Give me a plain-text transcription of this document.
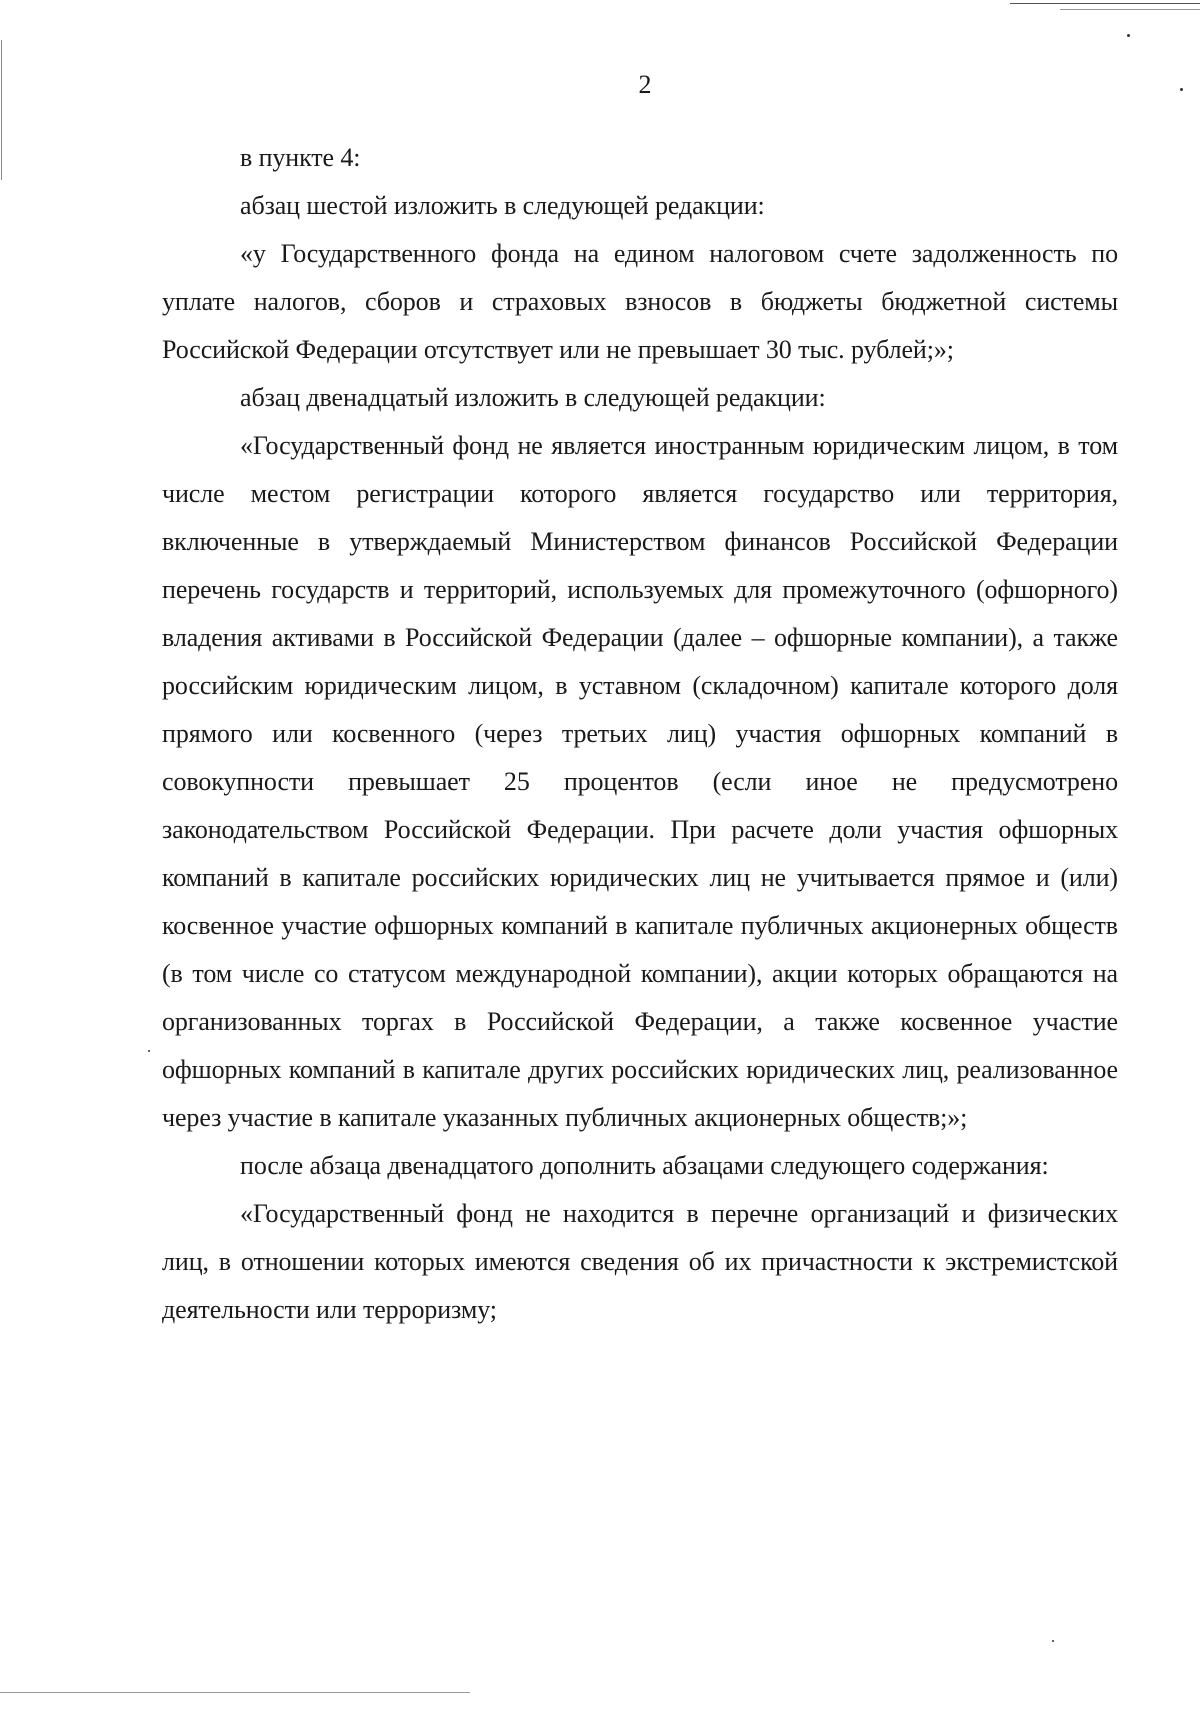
2

в пункте 4:

абзац шестой изложить в следующей редакции:

«у Государственного фонда на едином налоговом счете задолженность по уплате налогов, сборов и страховых взносов в бюджеты бюджетной системы Российской Федерации отсутствует или не превышает 30 тыс. рублей;»;

абзац двенадцатый изложить в следующей редакции:

«Государственный фонд не является иностранным юридическим лицом, в том числе местом регистрации которого является государство или территория, включенные в утверждаемый Министерством финансов Российской Федерации перечень государств и территорий, используемых для промежуточного (офшорного) владения активами в Российской Федерации (далее – офшорные компании), а также российским юридическим лицом, в уставном (складочном) капитале которого доля прямого или косвенного (через третьих лиц) участия офшорных компаний в совокупности превышает 25 процентов (если иное не предусмотрено законодательством Российской Федерации. При расчете доли участия офшорных компаний в капитале российских юридических лиц не учитывается прямое и (или) косвенное участие офшорных компаний в капитале публичных акционерных обществ (в том числе со статусом международной компании), акции которых обращаются на организованных торгах в Российской Федерации, а также косвенное участие офшорных компаний в капитале других российских юридических лиц, реализованное через участие в капитале указанных публичных акционерных обществ;»;

после абзаца двенадцатого дополнить абзацами следующего содержания:

«Государственный фонд не находится в перечне организаций и физических лиц, в отношении которых имеются сведения об их причастности к экстремистской деятельности или терроризму;
